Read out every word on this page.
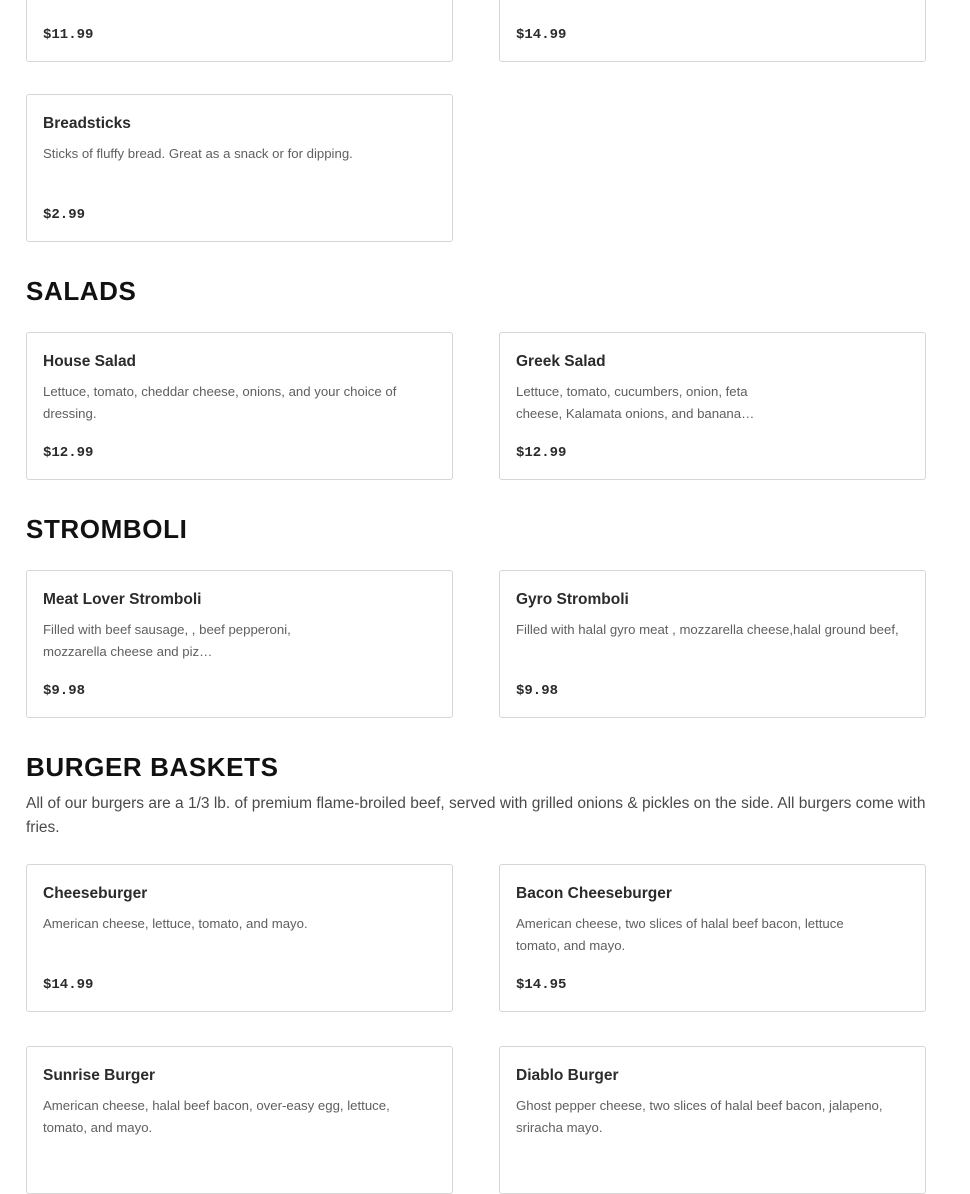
$11.99	$14.99
Breadsticks
Sticks of fluffy bread. Great as a snack or for dipping.
$2.99
SALADS
House Salad
Lettuce, tomato, cheddar cheese, onions, and your choice of dressing.
$12.99
Greek Salad
Lettuce, tomato, cucumbers, onion, feta cheese, Kalamata onions, and banana…
$12.99
STROMBOLI
Meat Lover Stromboli
Filled with beef sausage, , beef pepperoni, mozzarella cheese and piz…
$9.98
Gyro Stromboli
Filled with halal gyro meat , mozzarella cheese,halal ground beef,
$9.98
BURGER BASKETS

All of our burgers are a 1/3 lb. of premium flame-broiled beef, served with grilled onions & pickles on the side. All burgers come with fries.

Cheeseburger
American cheese, lettuce, tomato, and mayo.
$14.99
Bacon Cheeseburger
American cheese, two slices of halal beef bacon, lettuce tomato, and mayo.
$14.95
Sunrise Burger
American cheese, halal beef bacon, over-easy egg, lettuce, tomato, and mayo.
Diablo Burger
Ghost pepper cheese, two slices of halal beef bacon, jalapeno, sriracha mayo.
